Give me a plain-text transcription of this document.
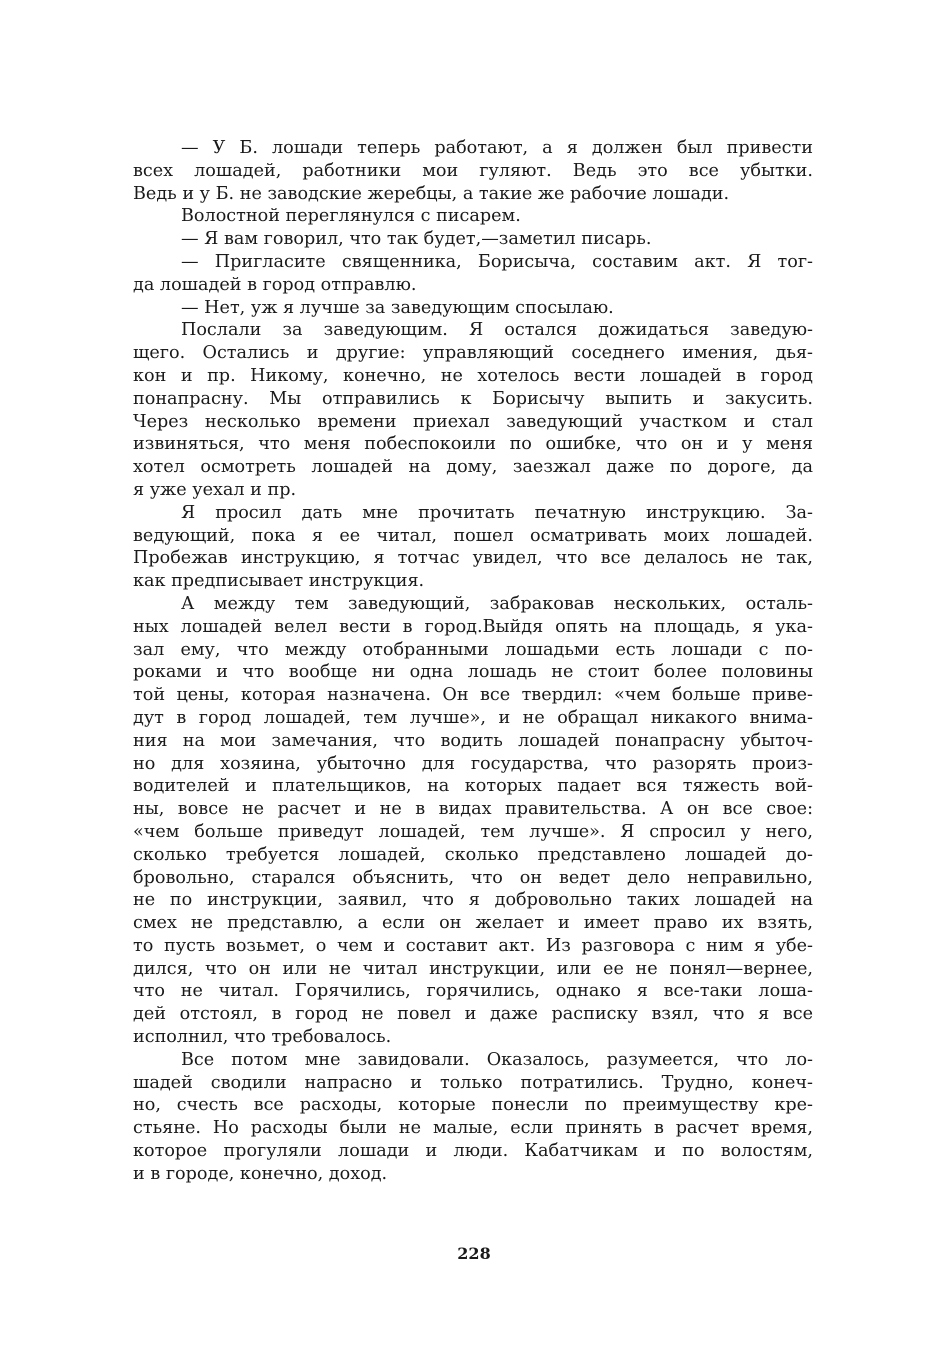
— У Б. лошади теперь работают, а я должен был привести
всех лошадей, работники мои гуляют. Ведь это все убытки.
Ведь и у Б. не заводские жеребцы, а такие же рабочие лошади.
Волостной переглянулся с писарем.
— Я вам говорил, что так будет,—заметил писарь.
— Пригласите священника, Борисыча, составим акт. Я тог-
да лошадей в город отправлю.
— Нет, уж я лучше за заведующим спосылаю.
Послали за заведующим. Я остался дожидаться заведую-
щего. Остались и другие: управляющий соседнего имения, дья-
кон и пр. Никому, конечно, не хотелось вести лошадей в город
понапрасну. Мы отправились к Борисычу выпить и закусить.
Через несколько времени приехал заведующий участком и стал
извиняться, что меня побеспокоили по ошибке, что он и у меня
хотел осмотреть лошадей на дому, заезжал даже по дороге, да
я уже уехал и пр.
Я просил дать мне прочитать печатную инструкцию. За-
ведующий, пока я ее читал, пошел осматривать моих лошадей.
Пробежав инструкцию, я тотчас увидел, что все делалось не так,
как предписывает инструкция.
А между тем заведующий, забраковав нескольких, осталь-
ных лошадей велел вести в город.Выйдя опять на площадь, я ука-
зал ему, что между отобранными лошадьми есть лошади с по-
роками и что вообще ни одна лошадь не стоит более половины
той цены, которая назначена. Он все твердил: «чем больше приве-
дут в город лошадей, тем лучше», и не обращал никакого внима-
ния на мои замечания, что водить лошадей понапрасну убыточ-
но для хозяина, убыточно для государства, что разорять произ-
водителей и плательщиков, на которых падает вся тяжесть вой-
ны, вовсе не расчет и не в видах правительства. А он все свое:
«чем больше приведут лошадей, тем лучше». Я спросил у него,
сколько требуется лошадей, сколько представлено лошадей до-
бровольно, старался объяснить, что он ведет дело неправильно,
не по инструкции, заявил, что я добровольно таких лошадей на
смех не представлю, а если он желает и имеет право их взять,
то пусть возьмет, о чем и составит акт. Из разговора с ним я убе-
дился, что он или не читал инструкции, или ее не понял—вернее,
что не читал. Горячились, горячились, однако я все-таки лоша-
дей отстоял, в город не повел и даже расписку взял, что я все
исполнил, что требовалось.
Все потом мне завидовали. Оказалось, разумеется, что ло-
шадей сводили напрасно и только потратились. Трудно, конеч-
но, счесть все расходы, которые понесли по преимуществу кре-
стьяне. Но расходы были не малые, если принять в расчет время,
которое прогуляли лошади и люди. Кабатчикам и по волостям,
и в городе, конечно, доход.
228
